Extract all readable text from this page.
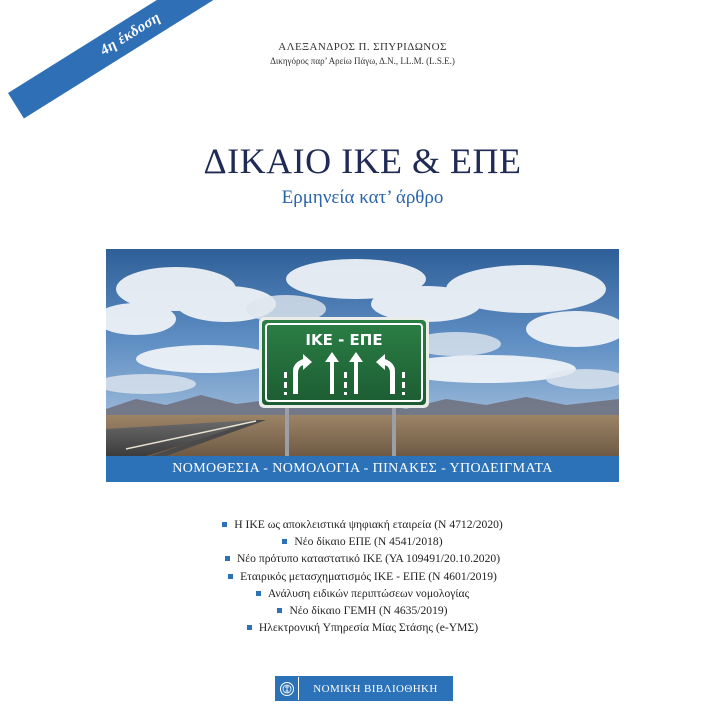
4η έκδοση	ΑΛΕΞΑΝΔΡΟΣ Π. ΣΠΥΡΙΔΩΝΟΣ
Δικηγόρος παρ’ Αρείω Πάγω, Δ.Ν., LL.M. (L.S.E.)
ΔΙΚΑΙΟ ΙΚΕ & ΕΠΕ
Ερμηνεία κατ’ άρθρο
ΙΚΕ - ΕΠΕ
ΝΟΜΟΘΕΣΙΑ - ΝΟΜΟΛΟΓΙΑ - ΠΙΝΑΚΕΣ - ΥΠΟΔΕΙΓΜΑΤΑ
Η ΙΚΕ ως αποκλειστικά ψηφιακή εταιρεία (Ν 4712/2020)
Νέο δίκαιο ΕΠΕ (Ν 4541/2018)
Νέο πρότυπο καταστατικό ΙΚΕ (ΥΑ 109491/20.10.2020)
Εταιρικός μετασχηματισμός ΙΚΕ - ΕΠΕ (Ν 4601/2019)
Ανάλυση ειδικών περιπτώσεων νομολογίας
Νέο δίκαιο ΓΕΜΗ (Ν 4635/2019)
Ηλεκτρονική Υπηρεσία Μίας Στάσης (e-ΥΜΣ)
ΝΟΜΙΚΗ ΒΙΒΛΙΟΘΗΚΗ
